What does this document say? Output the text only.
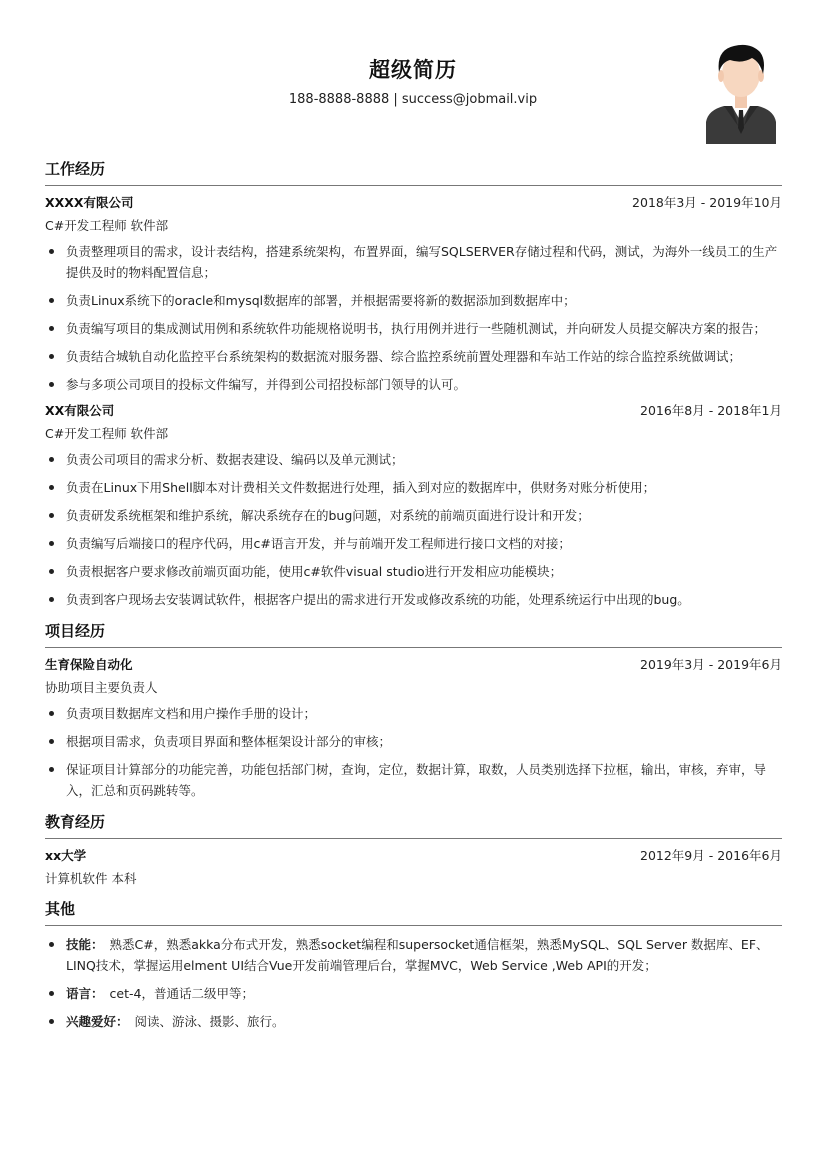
超级简历
188-8888-8888 | success@jobmail.vip
工作经历
XXXX有限公司	2018年3月 - 2019年10月
C#开发工程师 软件部
负责整理项目的需求，设计表结构，搭建系统架构，布置界面，编写SQLSERVER存储过程和代码，测试，为海外一线员工的生产提供及时的物料配置信息；
负责Linux系统下的oracle和mysql数据库的部署，并根据需要将新的数据添加到数据库中；
负责编写项目的集成测试用例和系统软件功能规格说明书，执行用例并进行一些随机测试，并向研发人员提交解决方案的报告；
负责结合城轨自动化监控平台系统架构的数据流对服务器、综合监控系统前置处理器和车站工作站的综合监控系统做调试；
参与多项公司项目的投标文件编写，并得到公司招投标部门领导的认可。
XX有限公司	2016年8月 - 2018年1月
C#开发工程师 软件部
负责公司项目的需求分析、数据表建设、编码以及单元测试；
负责在Linux下用Shell脚本对计费相关文件数据进行处理，插入到对应的数据库中，供财务对账分析使用；
负责研发系统框架和维护系统，解决系统存在的bug问题，对系统的前端页面进行设计和开发；
负责编写后端接口的程序代码，用c#语言开发，并与前端开发工程师进行接口文档的对接；
负责根据客户要求修改前端页面功能，使用c#软件visual studio进行开发相应功能模块；
负责到客户现场去安装调试软件，根据客户提出的需求进行开发或修改系统的功能，处理系统运行中出现的bug。
项目经历
生育保险自动化	2019年3月 - 2019年6月
协助项目主要负责人
负责项目数据库文档和用户操作手册的设计；
根据项目需求，负责项目界面和整体框架设计部分的审核；
保证项目计算部分的功能完善，功能包括部门树，查询，定位，数据计算，取数，人员类别选择下拉框，输出，审核，弃审，导入，汇总和页码跳转等。
教育经历
xx大学	2012年9月 - 2016年6月
计算机软件 本科
其他
技能： 熟悉C#，熟悉akka分布式开发，熟悉socket编程和supersocket通信框架，熟悉MySQL、SQL Server 数据库、EF、LINQ技术，掌握运用elment UI结合Vue开发前端管理后台，掌握MVC，Web Service ,Web API的开发；
语言： cet-4，普通话二级甲等；
兴趣爱好： 阅读、游泳、摄影、旅行。
